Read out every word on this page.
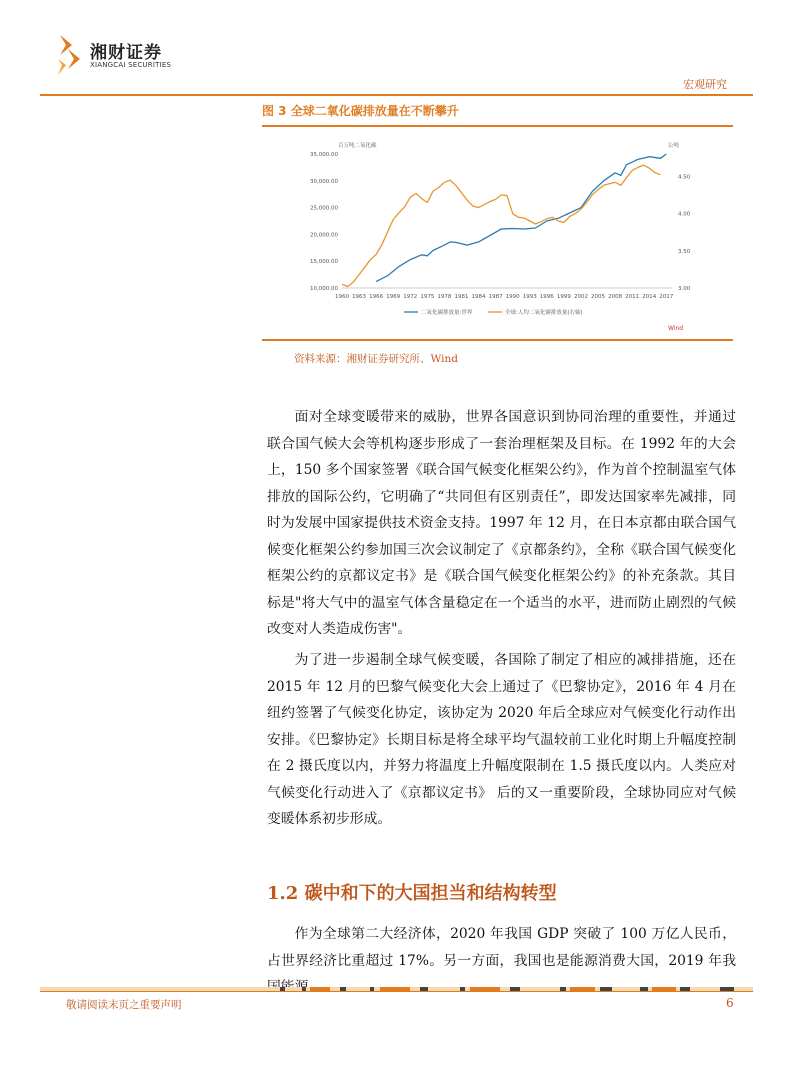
湘财证券
XIANGCAI SECURITIES
宏观研究
图 3 全球二氧化碳排放量在不断攀升
百万吨二氧化碳	公吨
35,000.00
30,000.00
25,000.00
20,000.00
15,000.00
10,000.00
4.50
4.00
3.50
3.00
1960 1963 1966 1969 1972 1975 1978 1981 1984 1987 1990 1993 1996 1999 2002 2005 2008 2011 2014 2017
二氧化碳排放量:世界	全球:人均二氧化碳排放量(右轴)
Wind
资料来源：湘财证券研究所、Wind

面对全球变暖带来的威胁，世界各国意识到协同治理的重要性，并通过联合国气候大会等机构逐步形成了一套治理框架及目标。在 1992 年的大会上，150 多个国家签署《联合国气候变化框架公约》，作为首个控制温室气体排放的国际公约，它明确了“共同但有区别责任”，即发达国家率先减排，同时为发展中国家提供技术资金支持。1997 年 12 月，在日本京都由联合国气候变化框架公约参加国三次会议制定了《京都条约》，全称《联合国气候变化框架公约的京都议定书》是《联合国气候变化框架公约》的补充条款。其目标是"将大气中的温室气体含量稳定在一个适当的水平，进而防止剧烈的气候改变对人类造成伤害"。

为了进一步遏制全球气候变暖，各国除了制定了相应的减排措施，还在 2015 年 12 月的巴黎气候变化大会上通过了《巴黎协定》，2016 年 4 月在纽约签署了气候变化协定，该协定为 2020 年后全球应对气候变化行动作出安排。《巴黎协定》长期目标是将全球平均气温较前工业化时期上升幅度控制在 2 摄氏度以内，并努力将温度上升幅度限制在 1.5 摄氏度以内。人类应对气候变化行动进入了《京都议定书》 后的又一重要阶段，全球协同应对气候变暖体系初步形成。

1.2 碳中和下的大国担当和结构转型

作为全球第二大经济体，2020 年我国 GDP 突破了 100 万亿人民币，占世界经济比重超过 17%。另一方面，我国也是能源消费大国，2019 年我

敬请阅读末页之重要声明	6
